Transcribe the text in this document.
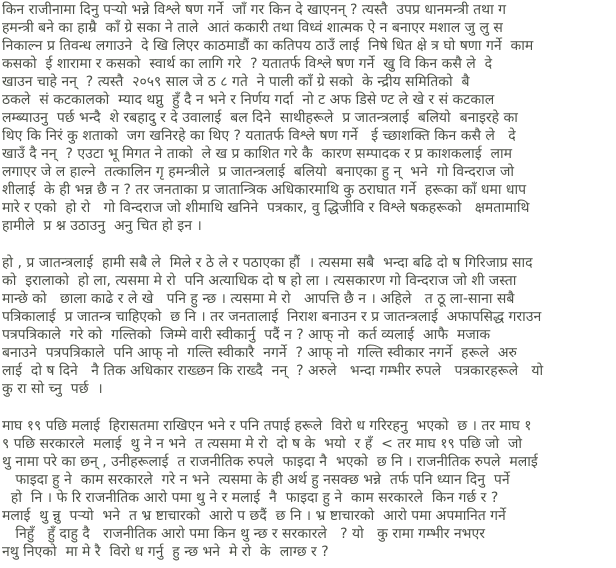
किन राजीनामा दिनु पऱ्यो भन्ने विश्ले षण गर्ने  जाँ गर किन दे खाएनन् ? त्यस्तै  उपप्र धानमन्त्री तथा ग
हमन्त्री बने का हाम्रै  काँ ग्रे सका ने ताले  आतं ककारी तथा विध्वं शात्मक ऐ न बनाएर मशाल जु लु स
निकाल्न प्र तिवन्ध लगाउने  दे खि लिएर काठमाडौं का कतिपय ठाउँ लाई  निषे धित क्षे त्र घो षणा गर्ने  काम
कसको  ई शारामा र कसको  स्वार्थ का लागि गरे  ? यतातर्फ विश्ले षण गर्ने  खु वि किन कसै ले  दे
खाउन चाहे नन्  ? त्यस्तै  २०५९ साल जे ठ ८ गते  ने पाली काँ ग्रे सको  के न्द्रीय समितिको  बै
ठकले  सं कटकालको  म्याद थप्नु  हुँ दै न भने र निर्णय गर्दा  नो ट अफ डिसे ण्ट ले खे र सं कटकाल
लम्ब्याउनु  पर्छ भन्दै  शे रबहादु र दे उवालाई  बल दिने  साथीहरूले  प्र जातन्त्रलाई  बलियो  बनाइरहे का
थिए कि निरं कु शताको  जग खनिरहे का थिए ? यतातर्फ विश्ले षण गर्ने   ई च्छाशक्ति किन कसै ले   दे
खाउँ दै नन्  ? एउटा भू मिगत ने ताको  ले ख प्र काशित गरे कै  कारण सम्पादक र प्र काशकलाई  लाम
लगाएर जे ल हाल्ने  तत्कालिन गृ हमन्त्रीले  प्र जातन्त्रलाई  बलियो  बनाएका हु न्  भने  गो विन्दराज जो
शीलाई  के ही भन्न छै न ? तर जनताका प्र जातान्त्रिक अधिकारमाथि कु ठराघात गर्ने  हरूका काँ धमा धाप
मारे र एको  हो रो   गो विन्दराज जो शीमाथि खनिने  पत्रकार, वु द्धिजीवि र विश्ले षकहरूको   क्षमतामाथि
हामीले  प्र श्न उठाउनु  अनु चित हो इन ।
हो , प्र जातन्त्रलाई  हामी सबै ले  मिले र ठे ले र पठाएका हौं  । त्यसमा सबै  भन्दा बढि दो ष गिरिजाप्र साद
को  इरालाको  हो ला, त्यसमा मे रो  पनि अत्याधिक दो ष हो ला । त्यसकारण गो विन्दराज जो शी जस्ता
मान्छे को   छाला काढे र ले खे   पनि हु न्छ । त्यसमा मे रो   आपत्ति छै न । अहिले   त ठू ला-साना सबै
पत्रिकालाई  प्र जातन्त्र चाहिएको  छ नि । तर जनतालाई  निराश बनाउन र प्र जातन्त्रलाई  अफापसिद्ध गराउन
पत्रपत्रिकाले  गरे को  गल्तिको  जिम्मे वारी स्वीकार्नु  पदैं न ? आफ् नो  कर्त व्यलाई  आफै  मजाक
बनाउने  पत्रपत्रिकाले  पनि आफ् नो  गल्ति स्वीकारै  नगर्ने  ? आफ् नो  गल्ति स्वीकार नगर्ने  हरूले  अरु
लाई  दो ष दिने   नै तिक अधिकार राख्छन कि राख्दै  नन्  ? अरुले   भन्दा गम्भीर रुपले   पत्रकारहरूले   यो
कु रा सो च्नु  पर्छ  ।
माघ १९ पछि मलाई  हिरासतमा राखिएन भने र पनि तपाई हरूले  विरो ध गरिरहनु  भएको  छ । तर माघ १
९ पछि सरकारले  मलाई  थु ने न भने  त त्यसमा मे रो  दो ष के  भयो  र हँ  < तर माघ १९ पछि जो  जो
थु नामा परे का छन् , उनीहरूलाई  त राजनीतिक रुपले  फाइदा नै  भएको  छ नि । राजनीतिक रुपले  मलाई
फाइदा हु ने  काम सरकारले  गरे न भने  त्यसमा के ही अर्थ हु नसक्छ भन्ने  तर्फ पनि ध्यान दिनु  पर्ने
हो  नि । फे रि राजनीतिक आरो पमा थु ने र मलाई  नै  फाइदा हु ने  काम सरकारले  किन गर्छ र ?
मलाई  थु न्नु  पऱ्यो  भने  त भ्र ष्टाचारको  आरो प छदैं  छ नि । भ्र ष्टाचारको  आरो पमा अपमानित गर्ने
निहुँ   हुँ दाहु दै   राजनीतिक आरो पमा किन थु न्छ र सरकारले   ? यो   कु रामा गम्भीर नभएर
नथु निएको  मा मे रै  विरो ध गर्नु  हु न्छ भने  मे रो  के  लाग्छ र ?
